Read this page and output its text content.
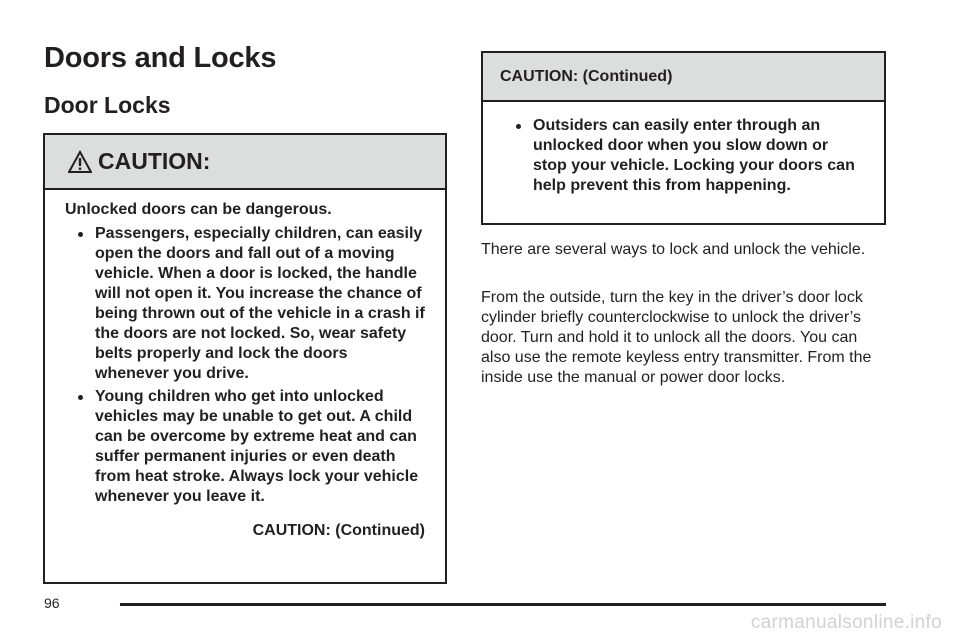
Doors and Locks
Door Locks
CAUTION:

Unlocked doors can be dangerous.

Passengers, especially children, can easily open the doors and fall out of a moving vehicle. When a door is locked, the handle will not open it. You increase the chance of being thrown out of the vehicle in a crash if the doors are not locked. So, wear safety belts properly and lock the doors whenever you drive.
Young children who get into unlocked vehicles may be unable to get out. A child can be overcome by extreme heat and can suffer permanent injuries or even death from heat stroke. Always lock your vehicle whenever you leave it.
CAUTION: (Continued)
CAUTION: (Continued)
Outsiders can easily enter through an unlocked door when you slow down or stop your vehicle. Locking your doors can help prevent this from happening.

There are several ways to lock and unlock the vehicle.

From the outside, turn the key in the driver’s door lock cylinder briefly counterclockwise to unlock the driver’s door. Turn and hold it to unlock all the doors. You can also use the remote keyless entry transmitter. From the inside use the manual or power door locks.

96
carmanualsonline.info
